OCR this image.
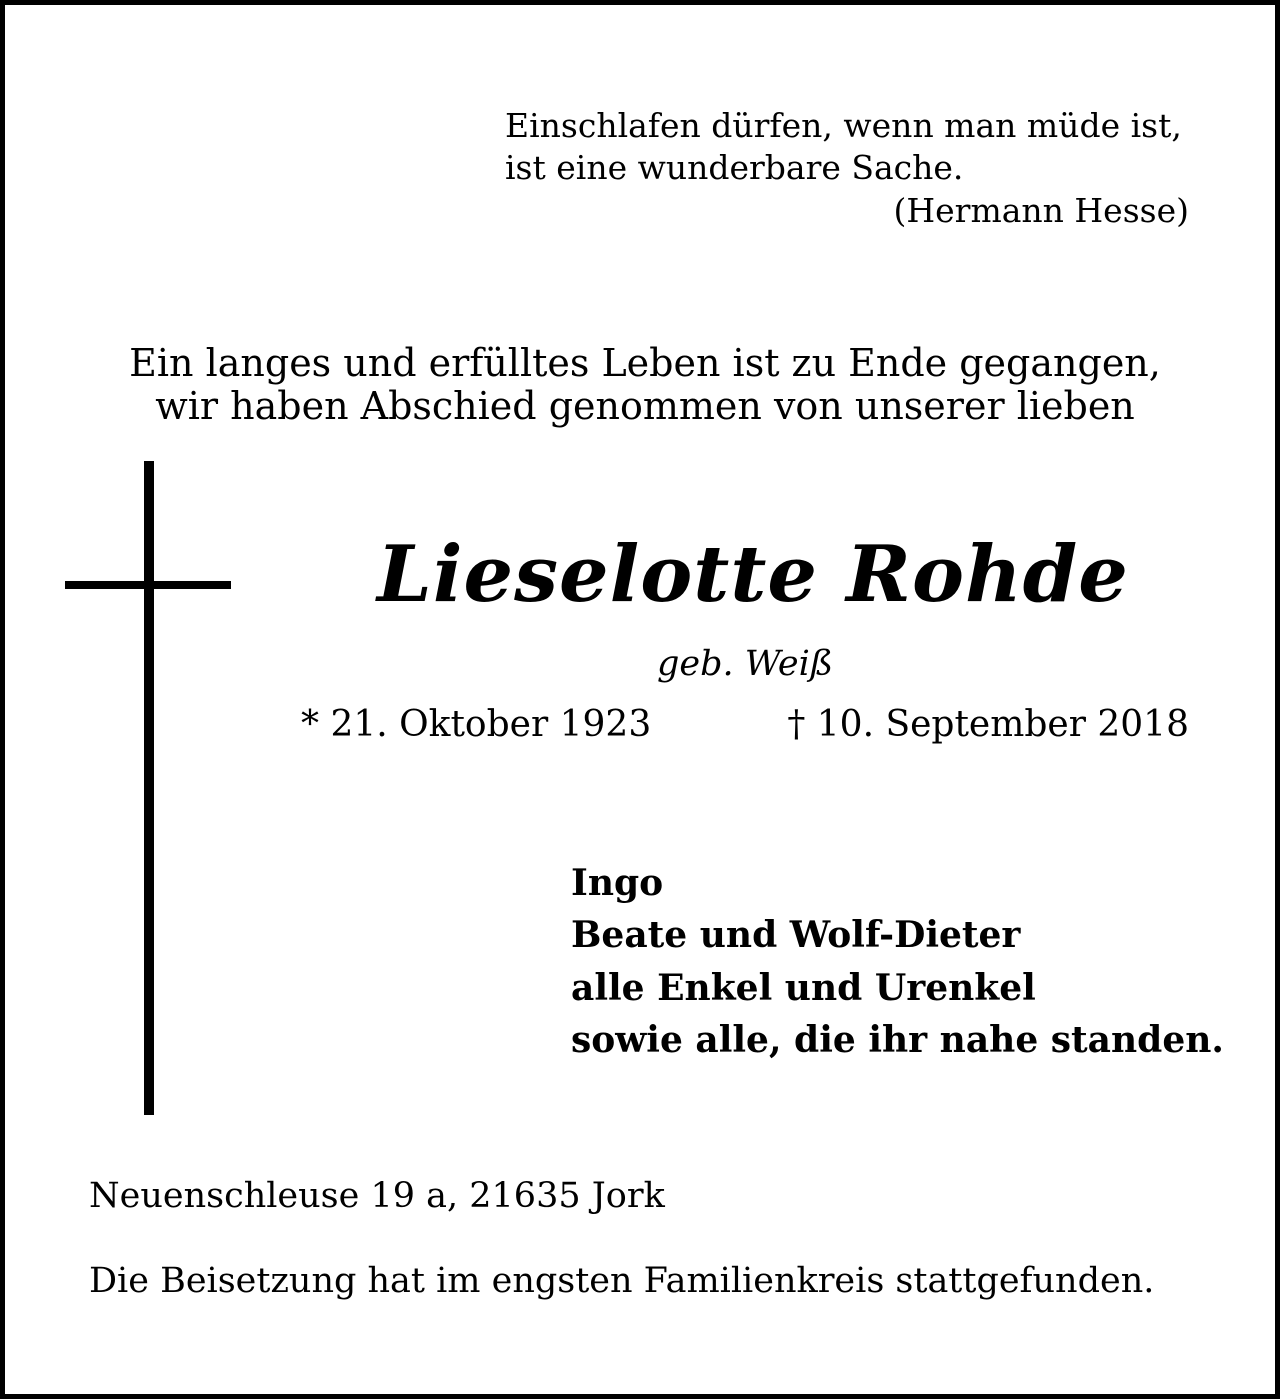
Einschlafen dürfen, wenn man müde ist,

ist eine wunderbare Sache.

(Hermann Hesse)

Ein langes und erfülltes Leben ist zu Ende gegangen,

wir haben Abschied genommen von unserer lieben

Lieselotte Rohde

geb. Weiß

* 21. Oktober 1923	† 10. September 2018

Ingo

Beate und Wolf-Dieter

alle Enkel und Urenkel

sowie alle, die ihr nahe standen.

Neuenschleuse 19 a, 21635 Jork

Die Beisetzung hat im engsten Familienkreis stattgefunden.
